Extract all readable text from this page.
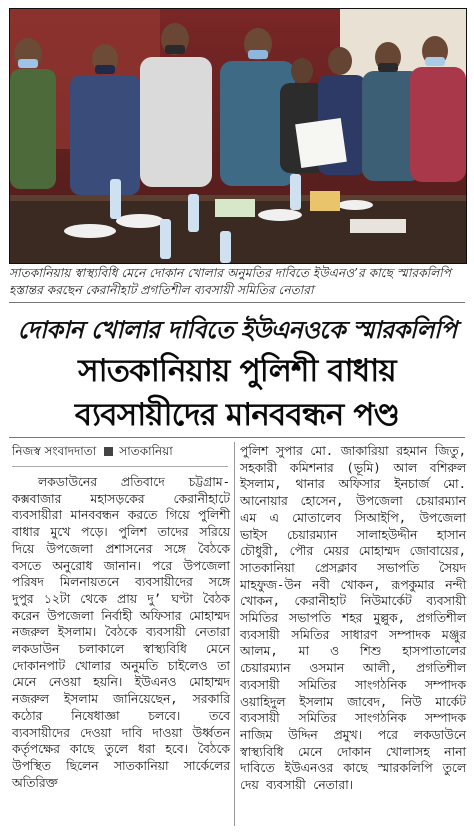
সাতকানিয়ায় স্বাস্থ্যবিধি মেনে দোকান খোলার অনুমতির দাবিতে ইউএনও’র কাছে স্মারকলিপি হস্তান্তর করছেন কেরানীহাট প্রগতিশীল ব্যবসায়ী সমিতির নেতারা
দোকান খোলার দাবিতে ইউএনওকে স্মারকলিপি
সাতকানিয়ায় পুলিশী বাধায়
ব্যবসায়ীদের মানববন্ধন পণ্ড
নিজস্ব সংবাদদাতা সাতকানিয়া
লকডাউনের প্রতিবাদে চট্টগ্রাম-কক্সবাজার মহাসড়কের কেরানীহাটে ব্যবসায়ীরা মানববন্ধন করতে গিয়ে পুলিশী বাধার মুখে পড়ে। পুলিশ তাদের সরিয়ে দিয়ে উপজেলা প্রশাসনের সঙ্গে বৈঠকে বসতে অনুরোধ জানান। পরে উপজেলা পরিষদ মিলনায়তনে ব্যবসায়ীদের সঙ্গে দুপুর ১২টা থেকে প্রায় দু’ ঘণ্টা বৈঠক করেন উপজেলা নির্বাহী অফিসার মোহাম্মদ নজরুল ইসলাম। বৈঠকে ব্যবসায়ী নেতারা লকডাউন চলাকালে স্বাস্থ্যবিধি মেনে দোকানপাট খোলার অনুমতি চাইলেও তা মেনে নেওয়া হয়নি। ইউএনও মোহাম্মদ নজরুল ইসলাম জানিয়েছেন, সরকারি কঠোর নিষেধাজ্ঞা চলবে। তবে ব্যবসায়ীদের দেওয়া দাবি দাওয়া উর্ধ্বতন কর্তৃপক্ষের কাছে তুলে ধরা হবে। বৈঠকে উপস্থিত ছিলেন সাতকানিয়া সার্কেলের অতিরিক্ত
পুলিশ সুপার মো. জাকারিয়া রহমান জিতু, সহকারী কমিশনার (ভূমি) আল বশিরুল ইসলাম, থানার অফিসার ইনচার্জ মো. আনোয়ার হোসেন, উপজেলা চেয়ারম্যান এম এ মোতালেব সিআইপি, উপজেলা ভাইস চেয়ারম্যান সালাহউদ্দীন হাসান চৌধুরী, পৌর মেয়র মোহাম্মদ জোবায়ের, সাতকানিয়া প্রেসক্লাব সভাপতি সৈয়দ মাহফুজ-উন নবী খোকন, রূপকুমার নন্দী খোকন, কেরানীহাট নিউমার্কেট ব্যবসায়ী সমিতির সভাপতি শহর মুল্লুক, প্রগতিশীল ব্যবসায়ী সমিতির সাধারণ সম্পাদক মঞ্জুর আলম, মা ও শিশু হাসপাতালের চেয়ারম্যান ওসমান আলী, প্রগতিশীল ব্যবসায়ী সমিতির সাংগঠনিক সম্পাদক ওয়াহিদুল ইসলাম জাবেদ, নিউ মার্কেট ব্যবসায়ী সমিতির সাংগঠনিক সম্পাদক নাজিম উদ্দিন প্রমুখ। পরে লকডাউনে স্বাস্থ্যবিধি মেনে দোকান খোলাসহ নানা দাবিতে ইউএনওর কাছে স্মারকলিপি তুলে দেয় ব্যবসায়ী নেতারা।
